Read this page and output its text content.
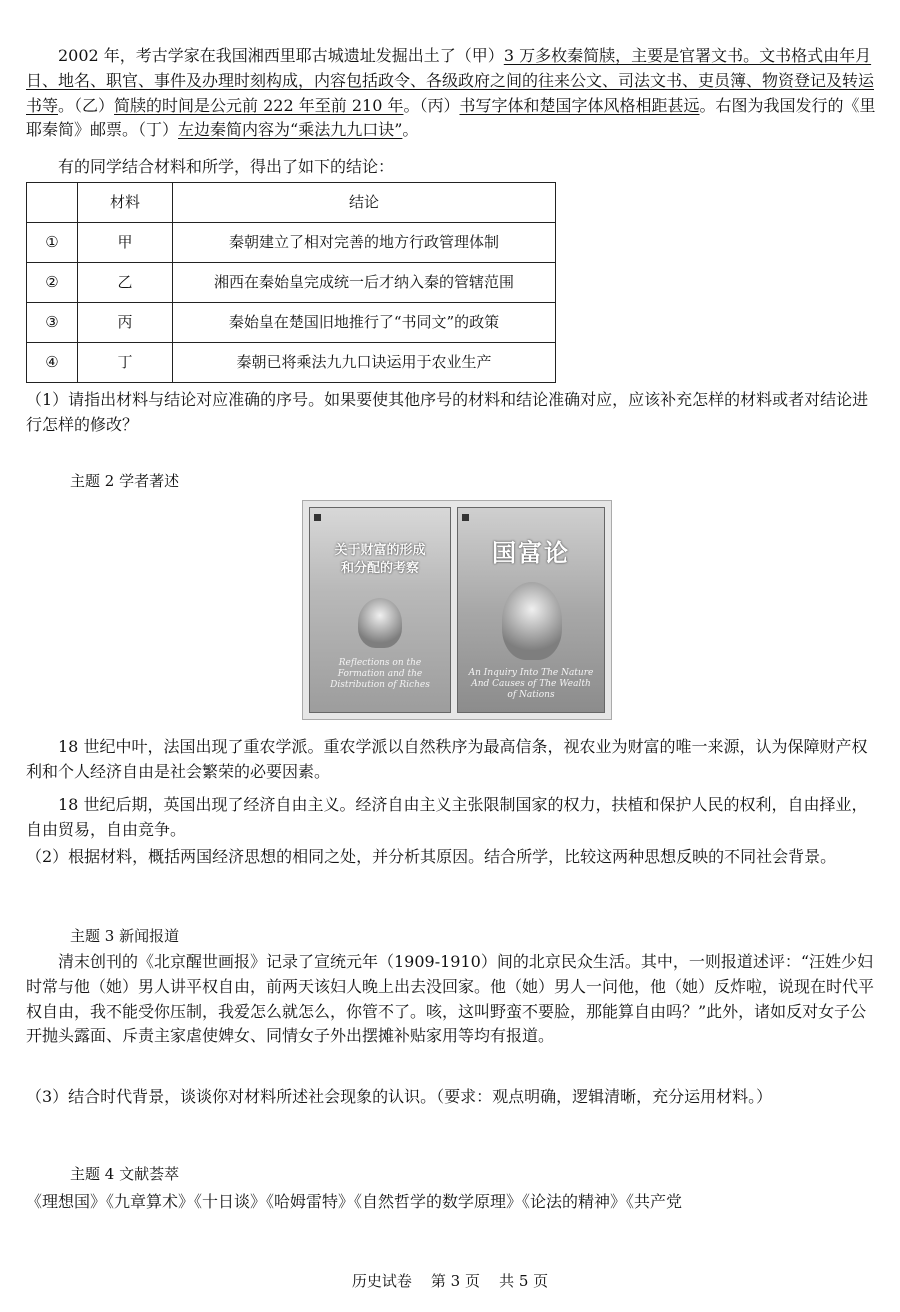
2002 年，考古学家在我国湘西里耶古城遗址发掘出土了（甲）3 万多枚秦简牍，主要是官署文书。文书格式由年月日、地名、职官、事件及办理时刻构成，内容包括政令、各级政府之间的往来公文、司法文书、吏员簿、物资登记及转运书等。（乙）简牍的时间是公元前 222 年至前 210 年。（丙）书写字体和楚国字体风格相距甚远。右图为我国发行的《里耶秦简》邮票。（丁）左边秦简内容为“乘法九九口诀”。

有的同学结合材料和所学，得出了如下的结论：

	材料	结论
①	甲	秦朝建立了相对完善的地方行政管理体制
②	乙	湘西在秦始皇完成统一后才纳入秦的管辖范围
③	丙	秦始皇在楚国旧地推行了“书同文”的政策
④	丁	秦朝已将乘法九九口诀运用于农业生产

（1）请指出材料与结论对应准确的序号。如果要使其他序号的材料和结论准确对应，应该补充怎样的材料或者对结论进行怎样的修改？

主题 2 学者著述

关于财富的形成
和分配的考察
Reflections on the Formation and the Distribution of Riches
国富论
An Inquiry Into The Nature And Causes of The Wealth of Nations

18 世纪中叶，法国出现了重农学派。重农学派以自然秩序为最高信条，视农业为财富的唯一来源，认为保障财产权利和个人经济自由是社会繁荣的必要因素。

18 世纪后期，英国出现了经济自由主义。经济自由主义主张限制国家的权力，扶植和保护人民的权利，自由择业，自由贸易，自由竞争。

（2）根据材料，概括两国经济思想的相同之处，并分析其原因。结合所学，比较这两种思想反映的不同社会背景。

主题 3 新闻报道

清末创刊的《北京醒世画报》记录了宣统元年（1909-1910）间的北京民众生活。其中，一则报道述评：“汪姓少妇时常与他（她）男人讲平权自由，前两天该妇人晚上出去没回家。他（她）男人一问他，他（她）反炸啦，说现在时代平权自由，我不能受你压制，我爱怎么就怎么，你管不了。咳，这叫野蛮不要脸，那能算自由吗？”此外，诸如反对女子公开抛头露面、斥责主家虐使婢女、同情女子外出摆摊补贴家用等均有报道。

（3）结合时代背景，谈谈你对材料所述社会现象的认识。（要求：观点明确，逻辑清晰，充分运用材料。）

主题 4 文献荟萃

《理想国》《九章算术》《十日谈》《哈姆雷特》《自然哲学的数学原理》《论法的精神》《共产党

历史试卷    第 3 页    共 5 页
